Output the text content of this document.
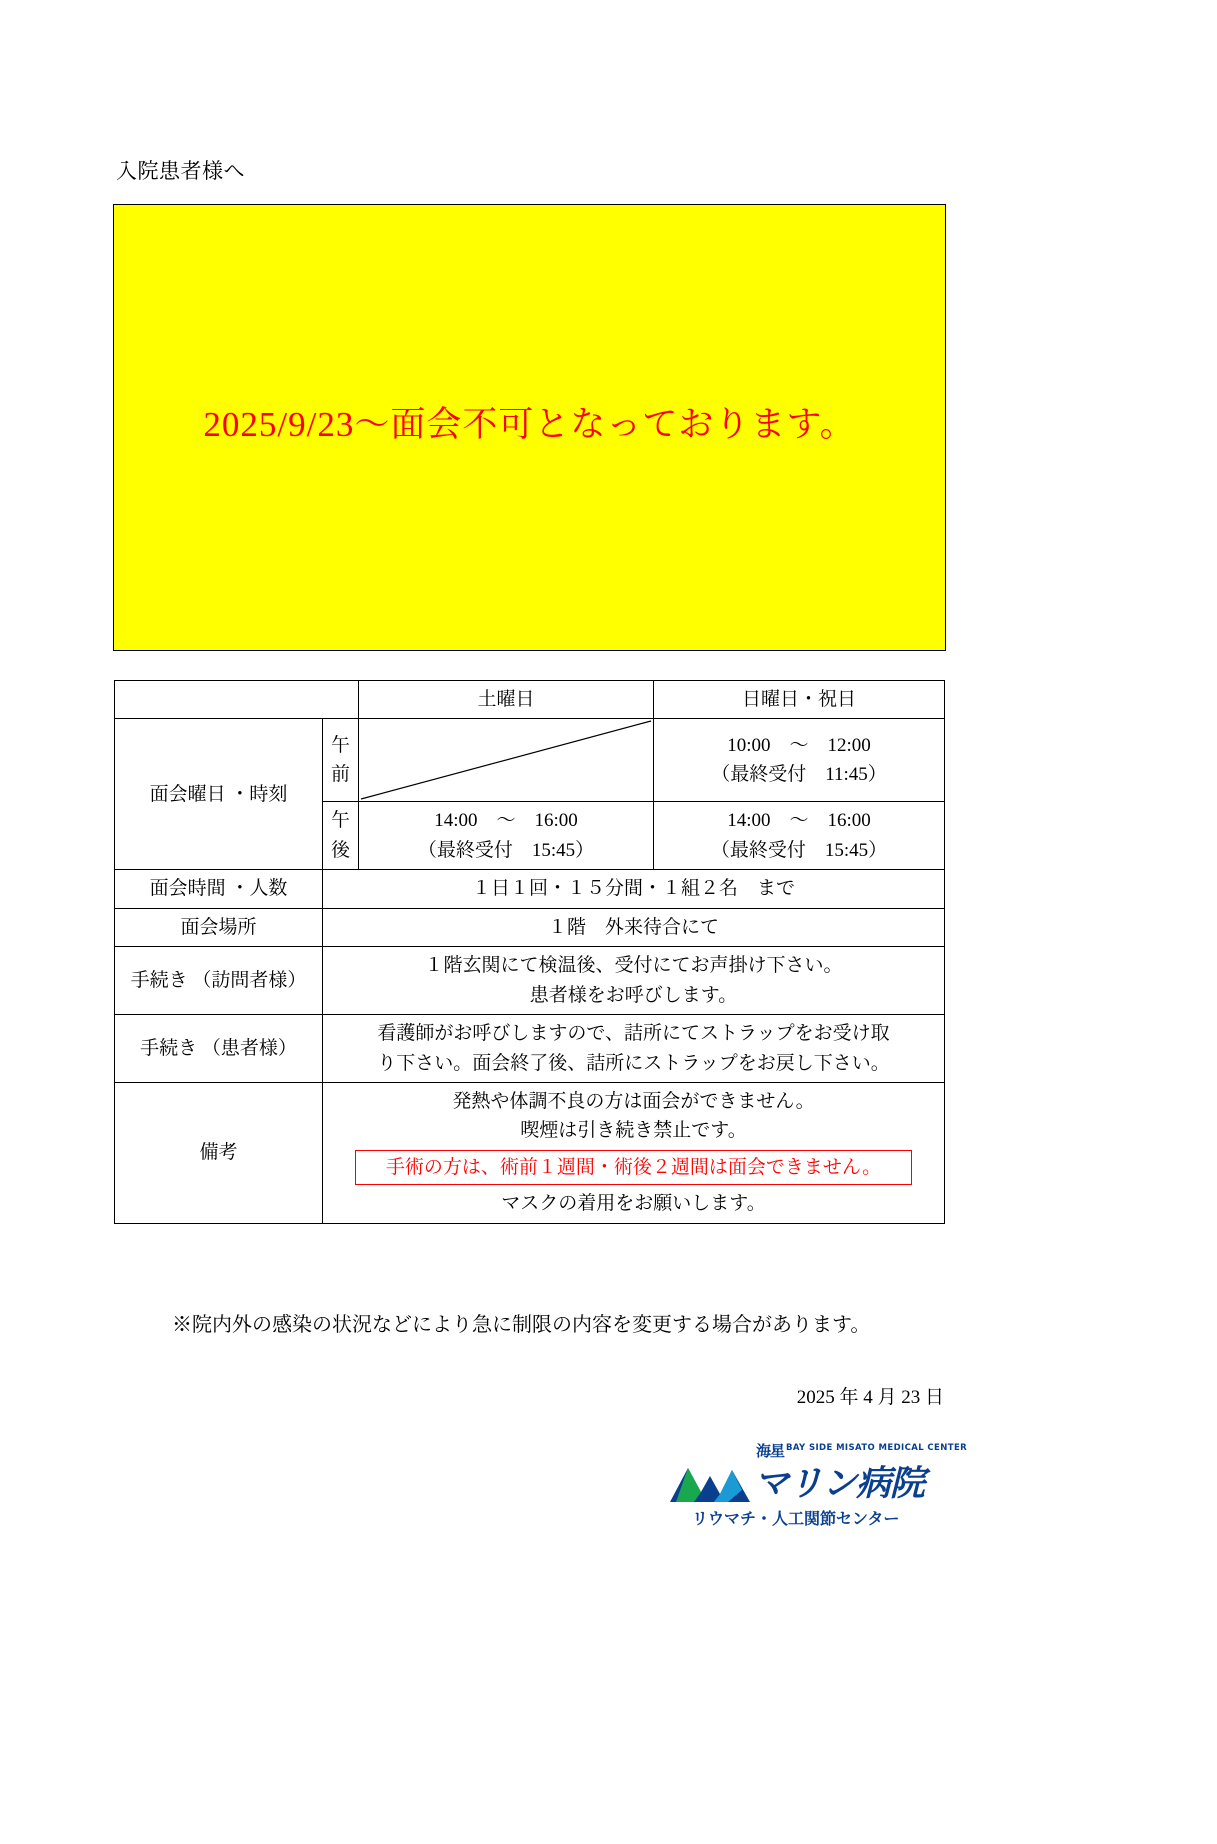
入院患者様へ
2025/9/23～面会不可となっております。
		土曜日	日曜日・祝日
面会曜日 ・時刻	午
前		10:00　～　12:00
（最終受付　11:45）

	午
後	14:00　～　16:00
（最終受付　15:45）	14:00　～　16:00
（最終受付　15:45）

面会時間 ・人数	１日１回・１５分間・１組２名　まで		
面会場所	１階　外来待合にて		
手続き （訪問者様）	１階玄関にて検温後、受付にてお声掛け下さい。
患者様をお呼びします。		

手続き （患者様）	看護師がお呼びしますので、詰所にてストラップをお受け取
り下さい。面会終了後、詰所にストラップをお戻し下さい。		

備考	発熱や体調不良の方は面会ができません。
喫煙は引き続き禁止です。
手術の方は、術前１週間・術後２週間は面会できません。
マスクの着用をお願いします。		
※院内外の感染の状況などにより急に制限の内容を変更する場合があります。
2025 年 4 月 23 日
海星 BAY SIDE MISATO MEDICAL CENTER
マリン病院
リウマチ・人工関節センター
